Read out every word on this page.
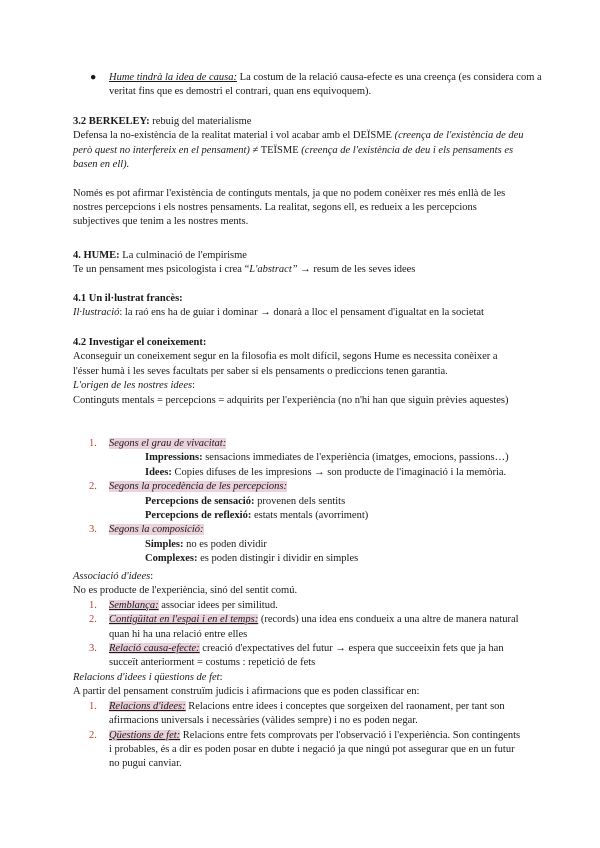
● Hume tindrà la idea de causa: La costum de la relació causa-efecte es una creença (es considera com a veritat fins que es demostri el contrari, quan ens equivoquem).

3.2 BERKELEY: rebuig del materialisme

Defensa la no-existència de la realitat material i vol acabar amb el DEÏSME (creença de l'existència de deu però quest no interfereix en el pensament) ≠ TEÏSME (creença de l'existència de deu i els pensaments es basen en ell).

Només es pot afirmar l'existència de continguts mentals, ja que no podem conèixer res més enllà de les nostres percepcions i els nostres pensaments. La realitat, segons ell, es redueix a les percepcions subjectives que tenim a les nostres ments.

4. HUME: La culminació de l'empirisme

Te un pensament mes psicologista i crea “L'abstract” → resum de les seves idees

4.1 Un il·lustrat francès:

Il·lustració: la raó ens ha de guiar i dominar → donarà a lloc el pensament d'igualtat en la societat

4.2 Investigar el coneixement:

Aconseguir un coneixement segur en la filosofia es molt difícil, segons Hume es necessita conèixer a l'ésser humà i les seves facultats per saber si els pensaments o prediccions tenen garantia.

L'origen de les nostres idees:

Continguts mentals = percepcions = adquirits per l'experiència (no n'hi han que siguin prèvies aquestes)

1. Segons el grau de vivacitat:

Impressions: sensacions immediates de l'experiència (imatges, emocions, passions…)

Idees: Copies difuses de les impresions → son producte de l'imaginació i la memòria.

2. Segons la procedència de les percepcions:

Percepcions de sensació: provenen dels sentits

Percepcions de reflexió: estats mentals (avorriment)

3. Segons la composició:

Simples: no es poden dividir

Complexes: es poden distingir i dividir en simples

Associació d'idees:

No es producte de l'experiència, sinó del sentit comú.

1. Semblança: associar idees per similitud.
2. Contigüitat en l'espai i en el temps: (records) una idea ens condueix a una altre de manera natural quan hi ha una relació entre elles
3. Relació causa-efecte: creació d'expectatives del futur → espera que succeeixin fets que ja han succeït anteriorment = costums : repetició de fets

Relacions d'idees i qüestions de fet:

A partir del pensament construïm judicis i afirmacions que es poden classificar en:

1. Relacions d'idees: Relacions entre idees i conceptes que sorgeixen del raonament, per tant son afirmacions universals i necessàries (vàlides sempre) i no es poden negar.
2. Qüestions de fet: Relacions entre fets comprovats per l'observació i l'experiència. Son contingents i probables, és a dir es poden posar en dubte i negació ja que ningú pot assegurar que en un futur no pugui canviar.
